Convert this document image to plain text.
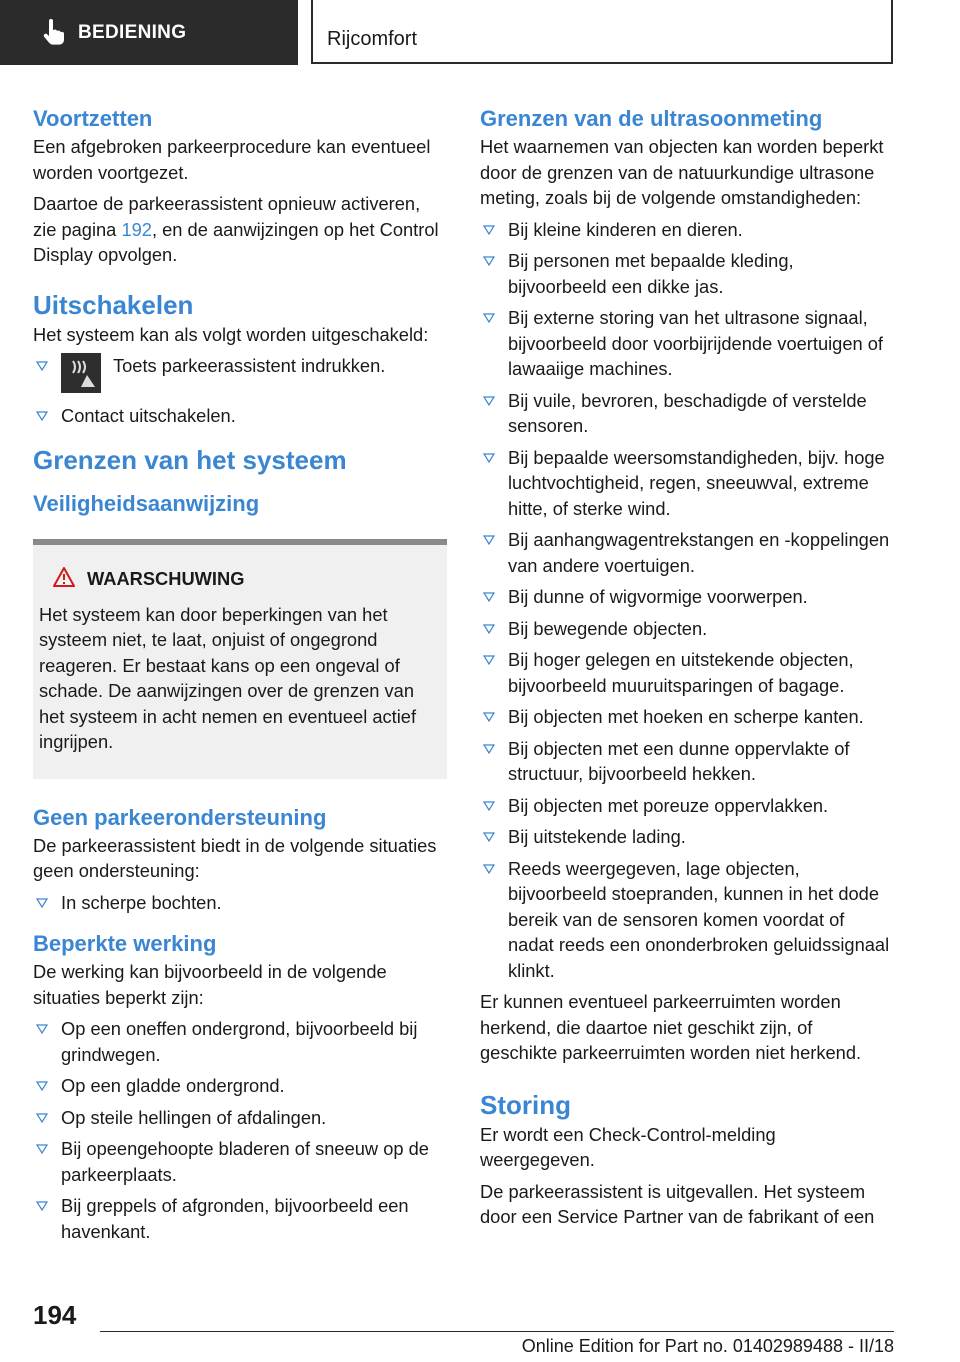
BEDIENING	Rijcomfort
Voortzetten

Een afgebroken parkeerprocedure kan eventueel worden voortgezet.

Daartoe de parkeerassistent opnieuw activeren, zie pagina 192, en de aanwijzingen op het Control Display opvolgen.

Uitschakelen

Het systeem kan als volgt worden uitgeschakeld:

Toets parkeerassistent indrukken.
Contact uitschakelen.
Grenzen van het systeem
Veiligheidsaanwijzing
WAARSCHUWING

Het systeem kan door beperkingen van het systeem niet, te laat, onjuist of ongegrond reageren. Er bestaat kans op een ongeval of schade. De aanwijzingen over de grenzen van het systeem in acht nemen en eventueel actief ingrijpen.

Geen parkeerondersteuning

De parkeerassistent biedt in de volgende situaties geen ondersteuning:

In scherpe bochten.
Beperkte werking

De werking kan bijvoorbeeld in de volgende situaties beperkt zijn:

Op een oneffen ondergrond, bijvoorbeeld bij grindwegen.
Op een gladde ondergrond.
Op steile hellingen of afdalingen.
Bij opeengehoopte bladeren of sneeuw op de parkeerplaats.
Bij greppels of afgronden, bijvoorbeeld een havenkant.
Grenzen van de ultrasoonmeting

Het waarnemen van objecten kan worden beperkt door de grenzen van de natuurkundige ultrasone meting, zoals bij de volgende omstandigheden:

Bij kleine kinderen en dieren.
Bij personen met bepaalde kleding, bijvoorbeeld een dikke jas.
Bij externe storing van het ultrasone signaal, bijvoorbeeld door voorbijrijdende voertuigen of lawaaiige machines.
Bij vuile, bevroren, beschadigde of verstelde sensoren.
Bij bepaalde weersomstandigheden, bijv. hoge luchtvochtigheid, regen, sneeuwval, extreme hitte, of sterke wind.
Bij aanhangwagentrekstangen en -koppelingen van andere voertuigen.
Bij dunne of wigvormige voorwerpen.
Bij bewegende objecten.
Bij hoger gelegen en uitstekende objecten, bijvoorbeeld muuruitsparingen of bagage.
Bij objecten met hoeken en scherpe kanten.
Bij objecten met een dunne oppervlakte of structuur, bijvoorbeeld hekken.
Bij objecten met poreuze oppervlakken.
Bij uitstekende lading.
Reeds weergegeven, lage objecten, bijvoorbeeld stoepranden, kunnen in het dode bereik van de sensoren komen voordat of nadat reeds een ononderbroken geluidssignaal klinkt.

Er kunnen eventueel parkeerruimten worden herkend, die daartoe niet geschikt zijn, of geschikte parkeerruimten worden niet herkend.

Storing

Er wordt een Check-Control-melding weergegeven.

De parkeerassistent is uitgevallen. Het systeem door een Service Partner van de fabrikant of een

194
Online Edition for Part no. 01402989488 - II/18
